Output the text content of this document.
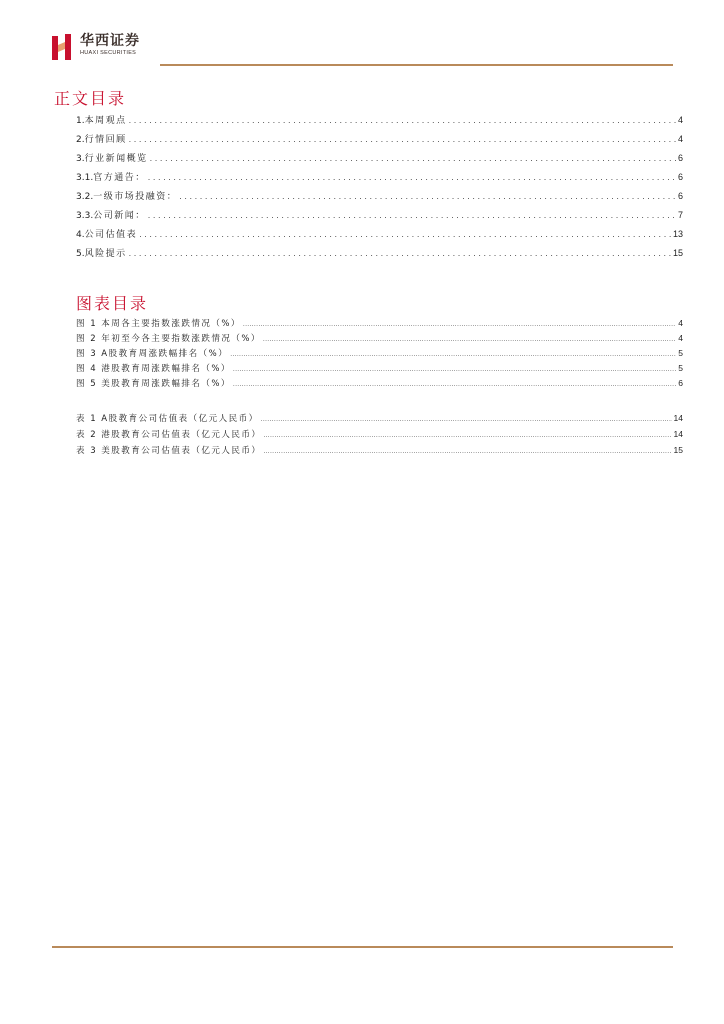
华西证券
HUAXI SECURITIES
正文目录
1. 本周观点 .....	4
2. 行情回顾 .....	4
3. 行业新闻概览 .....	6
3.1. 官方通告： .....	6
3.2. 一级市场投融资： .....	6
3.3. 公司新闻： .....	7
4. 公司估值表 .....	13
5. 风险提示 .....	15
图表目录
图 1 本周各主要指数涨跌情况（%） .....	4
图 2 年初至今各主要指数涨跌情况（%） .....	4
图 3 A股教育周涨跌幅排名（%） .....	5
图 4 港股教育周涨跌幅排名（%） .....	5
图 5 美股教育周涨跌幅排名（%） .....	6
表 1 A股教育公司估值表（亿元人民币） .....	14
表 2 港股教育公司估值表（亿元人民币） .....	14
表 3 美股教育公司估值表（亿元人民币） .....	15
